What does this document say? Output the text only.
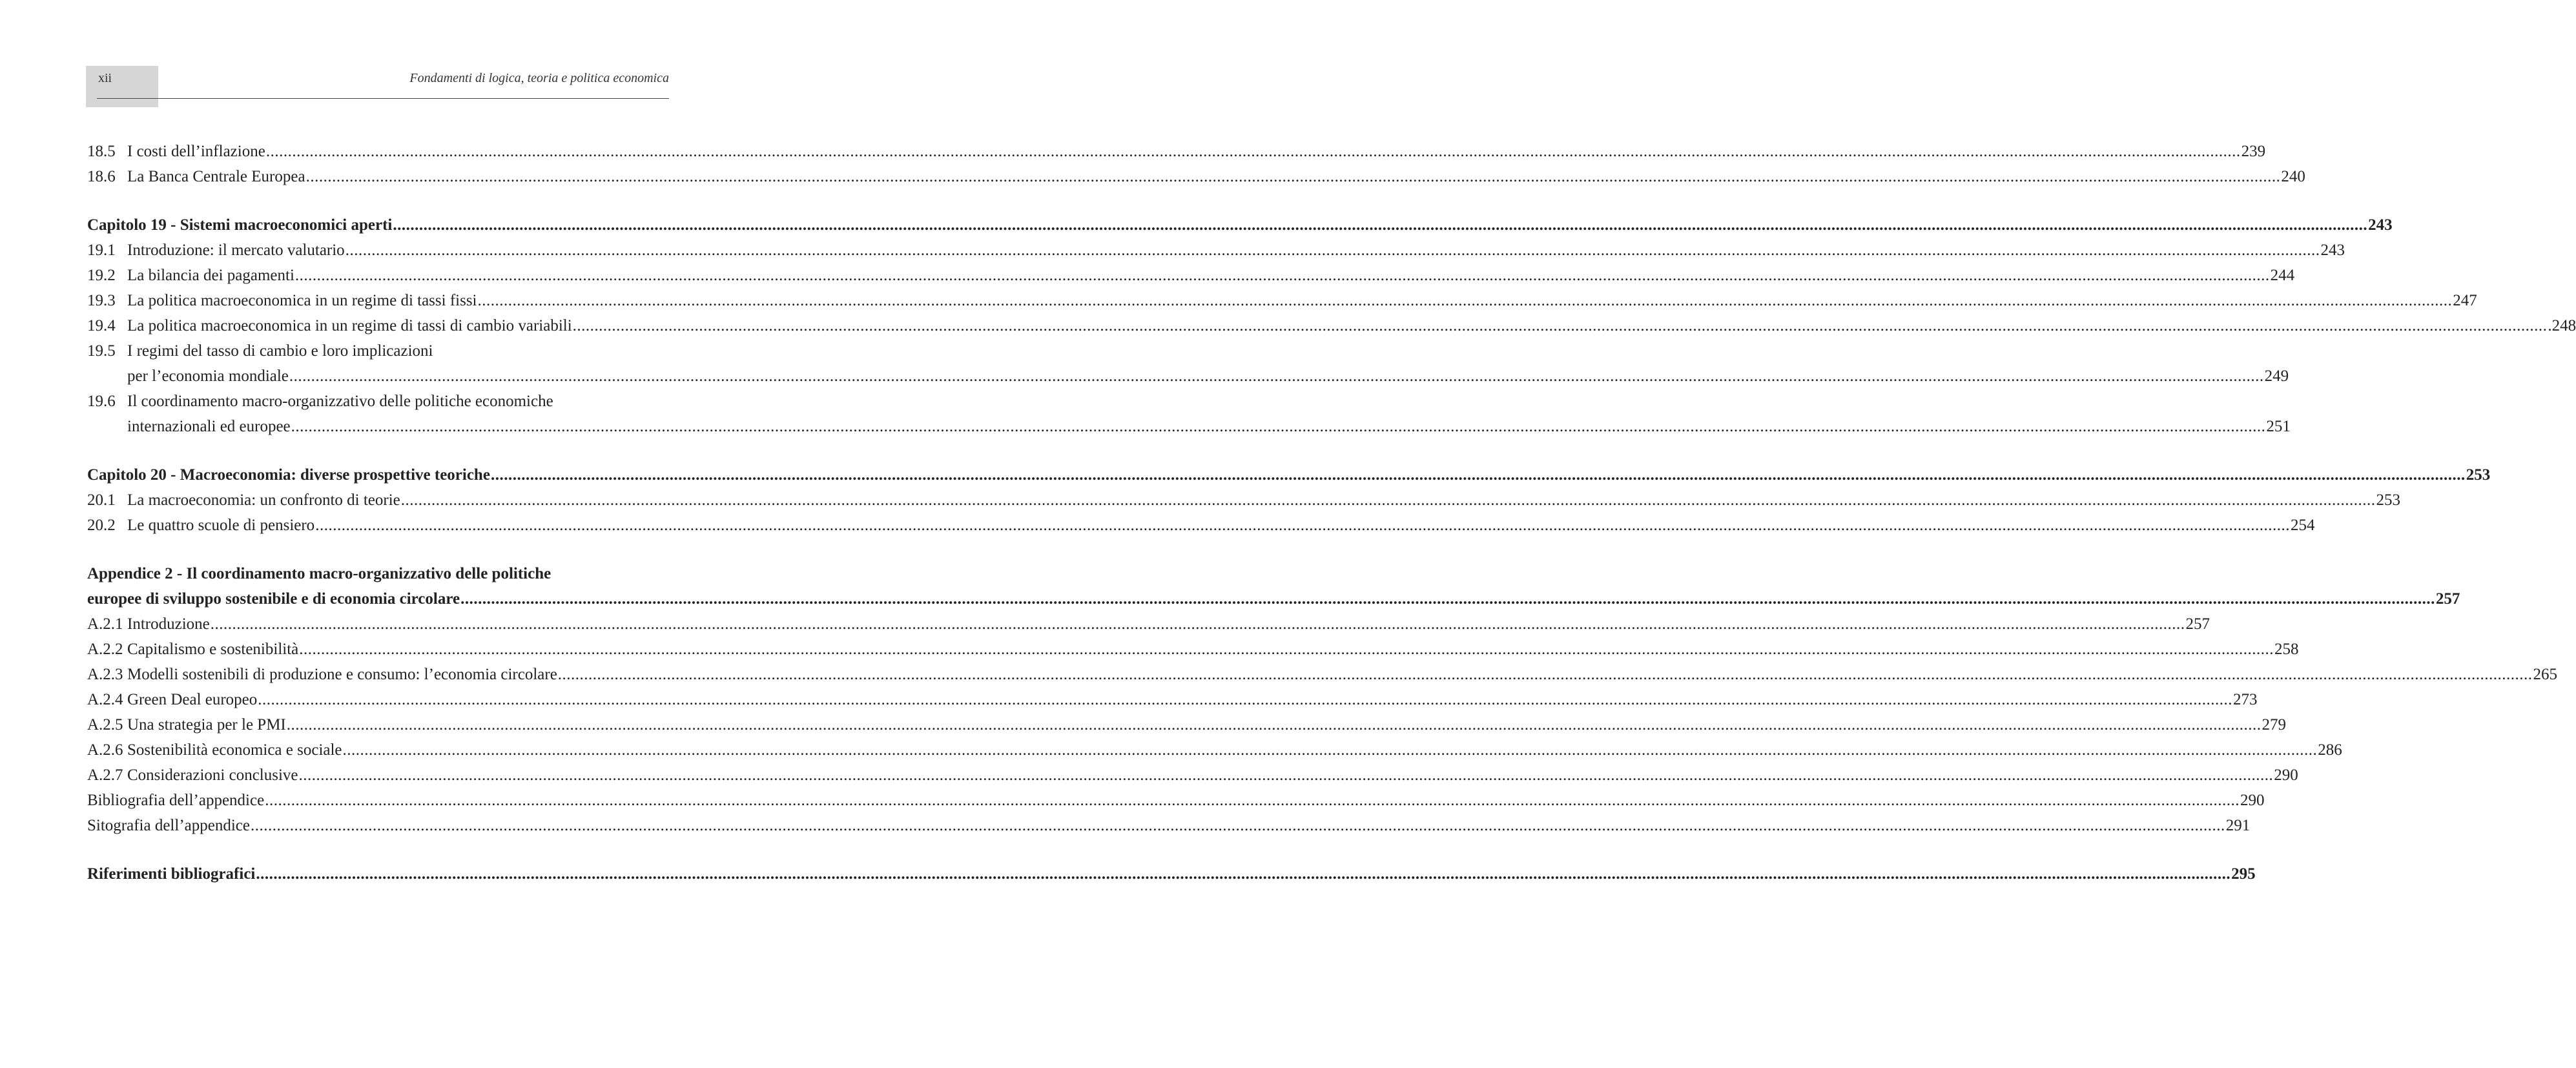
xii	Fondamenti di logica, teoria e politica economica
18.5 I costi dell’inflazione .....	239
18.6 La Banca Centrale Europea .....	240
Capitolo 19 - Sistemi macroeconomici aperti .....	243
19.1 Introduzione: il mercato valutario .....	243
19.2 La bilancia dei pagamenti .....	244
19.3 La politica macroeconomica in un regime di tassi fissi .....	247
19.4 La politica macroeconomica in un regime di tassi di cambio variabili .....	.248
19.5 I regimi del tasso di cambio e loro implicazioni
per l’economia mondiale .....	249
19.6 Il coordinamento macro-organizzativo delle politiche economiche
internazionali ed europee .....	251
Capitolo 20 - Macroeconomia: diverse prospettive teoriche .....	253
20.1 La macroeconomia: un confronto di teorie .....	253
20.2 Le quattro scuole di pensiero .....	254
Appendice 2 - Il coordinamento macro-organizzativo delle politiche
europee di sviluppo sostenibile e di economia circolare .....	257
A.2.1 Introduzione .....	257
A.2.2 Capitalismo e sostenibilità .....	258
A.2.3 Modelli sostenibili di produzione e consumo: l’economia circolare .....	265
A.2.4 Green Deal europeo .....	273
A.2.5 Una strategia per le PMI .....	279
A.2.6 Sostenibilità economica e sociale .....	286
A.2.7 Considerazioni conclusive .....	290
Bibliografia dell’appendice .....	290
Sitografia dell’appendice .....	291
Riferimenti bibliografici .....	295
